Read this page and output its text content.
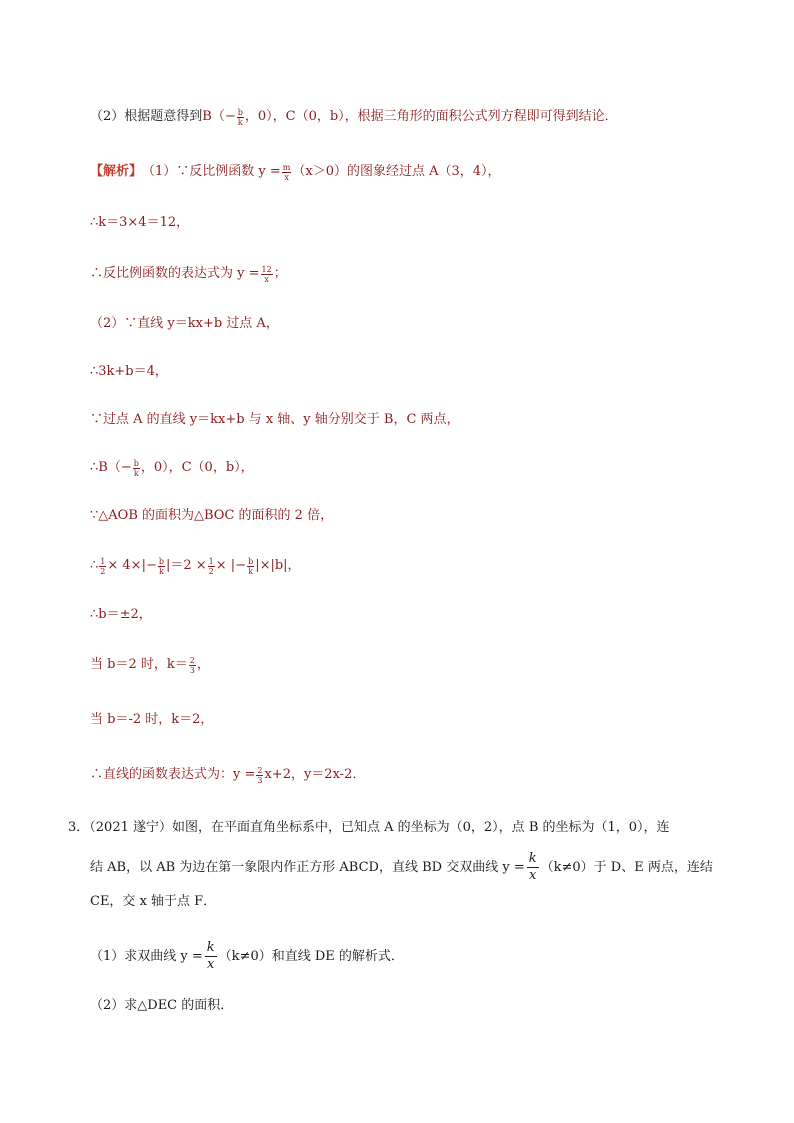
（2）根据题意得到 $B(- \frac{b}{k}$ ，0），C（0，b），根据三角形的面积公式列方程即可得到结论．
【解析】 （1）∵反比例函数 $y = \frac{m}{x} (x>0)$的图象经过点 A（3，4），
∴k＝3×4＝12，
∴反比例函数的表达式为 $y = \frac{12}{x}$ ；
（2）∵直线 y＝kx+b 过点 A，
∴3k+b＝4，
∵过点 A 的直线 y＝kx+b 与 x 轴、y 轴分别交于 B，C 两点，
∴B（− $\frac{b}{k}$ ，0），C（0，b），
∵△AOB 的面积为△BOC 的面积的 2 倍，
∴ $\frac{1}{2} \times 4\times|- \frac{b}{k} |=2 \times \frac{1}{2}$ × |− $\frac{b}{k} |\times|b|$，
∴b＝±2，
当 b＝2 时，$k= \frac{2}{3}$ ，
当 b＝-2 时，k＝2，
∴直线的函数表达式为：$y = \frac{2}{3} x+2$，y＝2x-2．
3．（2021 遂宁）如图，在平面直角坐标系中，已知点 A 的坐标为（0，2），点 B 的坐标为（1，0），连
结 AB，以 AB 为边在第一象限内作正方形 ABCD，直线 BD 交双曲线 $y = \frac{k}{x} (k\ne 0)$于 D、E 两点，连结
CE，交 x 轴于点 F．
（1）求双曲线 $y = \frac{k}{x} (k\ne 0)$和直线 DE 的解析式．
（2）求△DEC 的面积．
